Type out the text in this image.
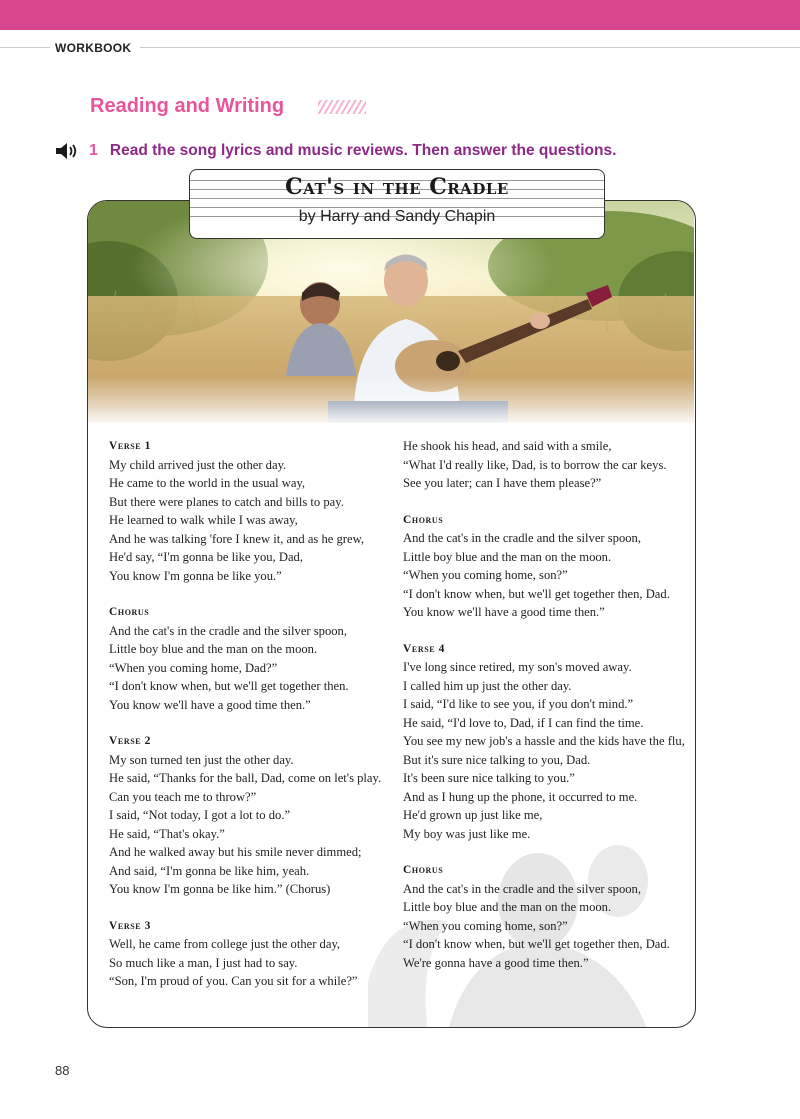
WORKBOOK
Reading and Writing
1 Read the song lyrics and music reviews. Then answer the questions.
Cat's in the Cradle
by Harry and Sandy Chapin
Verse 1
My child arrived just the other day.
He came to the world in the usual way,
But there were planes to catch and bills to pay.
He learned to walk while I was away,
And he was talking 'fore I knew it, and as he grew,
He'd say, “I'm gonna be like you, Dad,
You know I'm gonna be like you.”
Chorus
And the cat's in the cradle and the silver spoon,
Little boy blue and the man on the moon.
“When you coming home, Dad?”
“I don't know when, but we'll get together then.
You know we'll have a good time then.”
Verse 2
My son turned ten just the other day.
He said, “Thanks for the ball, Dad, come on let's play.
Can you teach me to throw?”
I said, “Not today, I got a lot to do.”
He said, “That's okay.”
And he walked away but his smile never dimmed;
And said, “I'm gonna be like him, yeah.
You know I'm gonna be like him.” (Chorus)
Verse 3
Well, he came from college just the other day,
So much like a man, I just had to say.
“Son, I'm proud of you. Can you sit for a while?”
He shook his head, and said with a smile,
“What I'd really like, Dad, is to borrow the car keys.
See you later; can I have them please?”
Chorus
And the cat's in the cradle and the silver spoon,
Little boy blue and the man on the moon.
“When you coming home, son?”
“I don't know when, but we'll get together then, Dad.
You know we'll have a good time then.”
Verse 4
I've long since retired, my son's moved away.
I called him up just the other day.
I said, “I'd like to see you, if you don't mind.”
He said, “I'd love to, Dad, if I can find the time.
You see my new job's a hassle and the kids have the flu,
But it's sure nice talking to you, Dad.
It's been sure nice talking to you.”
And as I hung up the phone, it occurred to me.
He'd grown up just like me,
My boy was just like me.
Chorus
And the cat's in the cradle and the silver spoon,
Little boy blue and the man on the moon.
“When you coming home, son?”
“I don't know when, but we'll get together then, Dad.
We're gonna have a good time then.”
88
